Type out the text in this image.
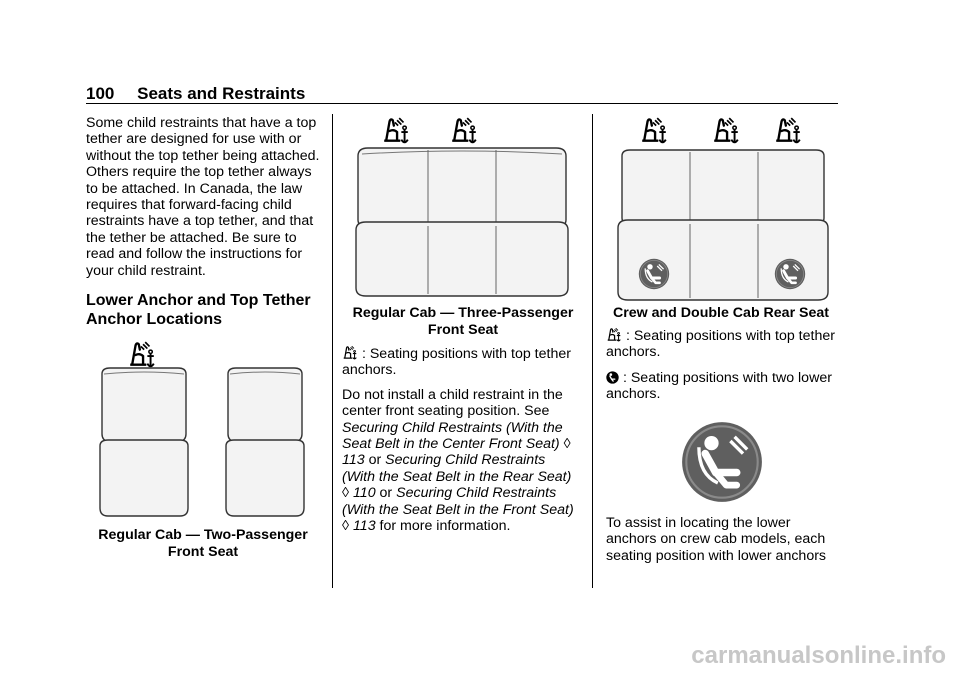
100 Seats and Restraints

Some child restraints that have a top tether are designed for use with or without the top tether being attached. Others require the top tether always to be attached. In Canada, the law requires that forward-facing child restraints have a top tether, and that the tether be attached. Be sure to read and follow the instructions for your child restraint.

Lower Anchor and Top Tether Anchor Locations

Regular Cab — Two-Passenger
Front Seat
Regular Cab — Three-Passenger
Front Seat

: Seating positions with top tether anchors.

Do not install a child restraint in the center front seating position. See Securing Child Restraints (With the Seat Belt in the Center Front Seat) ◊ 113 or Securing Child Restraints (With the Seat Belt in the Rear Seat) ◊ 110 or Securing Child Restraints (With the Seat Belt in the Front Seat) ◊ 113 for more information.

Crew and Double Cab Rear Seat

: Seating positions with top tether anchors.

: Seating positions with two lower anchors.

To assist in locating the lower anchors on crew cab models, each seating position with lower anchors

carmanualsonline.info
